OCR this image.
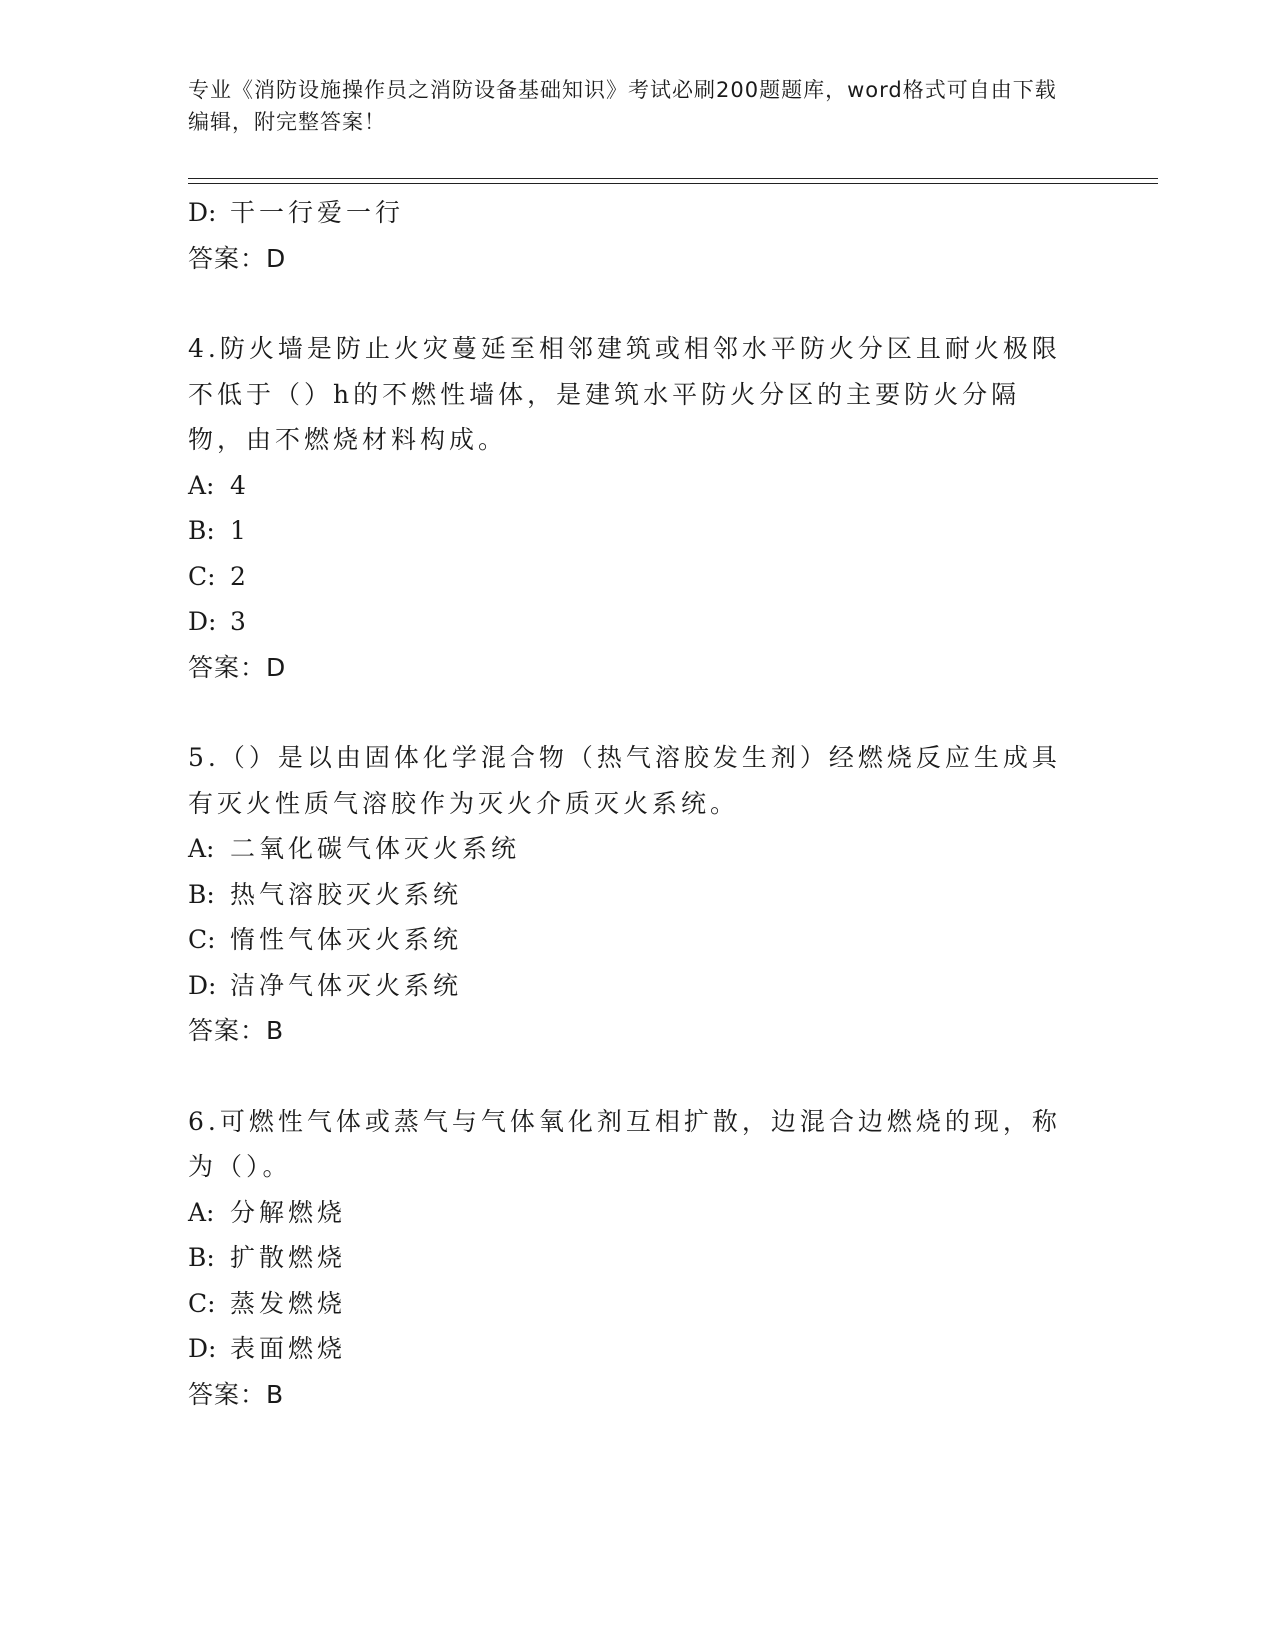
专业《消防设施操作员之消防设备基础知识》考试必刷200题题库，word格式可自由下载编辑，附完整答案！
D: 干一行爱一行
答案：D
4.防火墙是防止火灾蔓延至相邻建筑或相邻水平防火分区且耐火极限不低于（）h的不燃性墙体，是建筑水平防火分区的主要防火分隔物，由不燃烧材料构成。
A: 4
B: 1
C: 2
D: 3
答案：D
5.（）是以由固体化学混合物（热气溶胶发生剂）经燃烧反应生成具有灭火性质气溶胶作为灭火介质灭火系统。
A: 二氧化碳气体灭火系统
B: 热气溶胶灭火系统
C: 惰性气体灭火系统
D: 洁净气体灭火系统
答案：B
6.可燃性气体或蒸气与气体氧化剂互相扩散，边混合边燃烧的现，称为（）。
A: 分解燃烧
B: 扩散燃烧
C: 蒸发燃烧
D: 表面燃烧
答案：B
